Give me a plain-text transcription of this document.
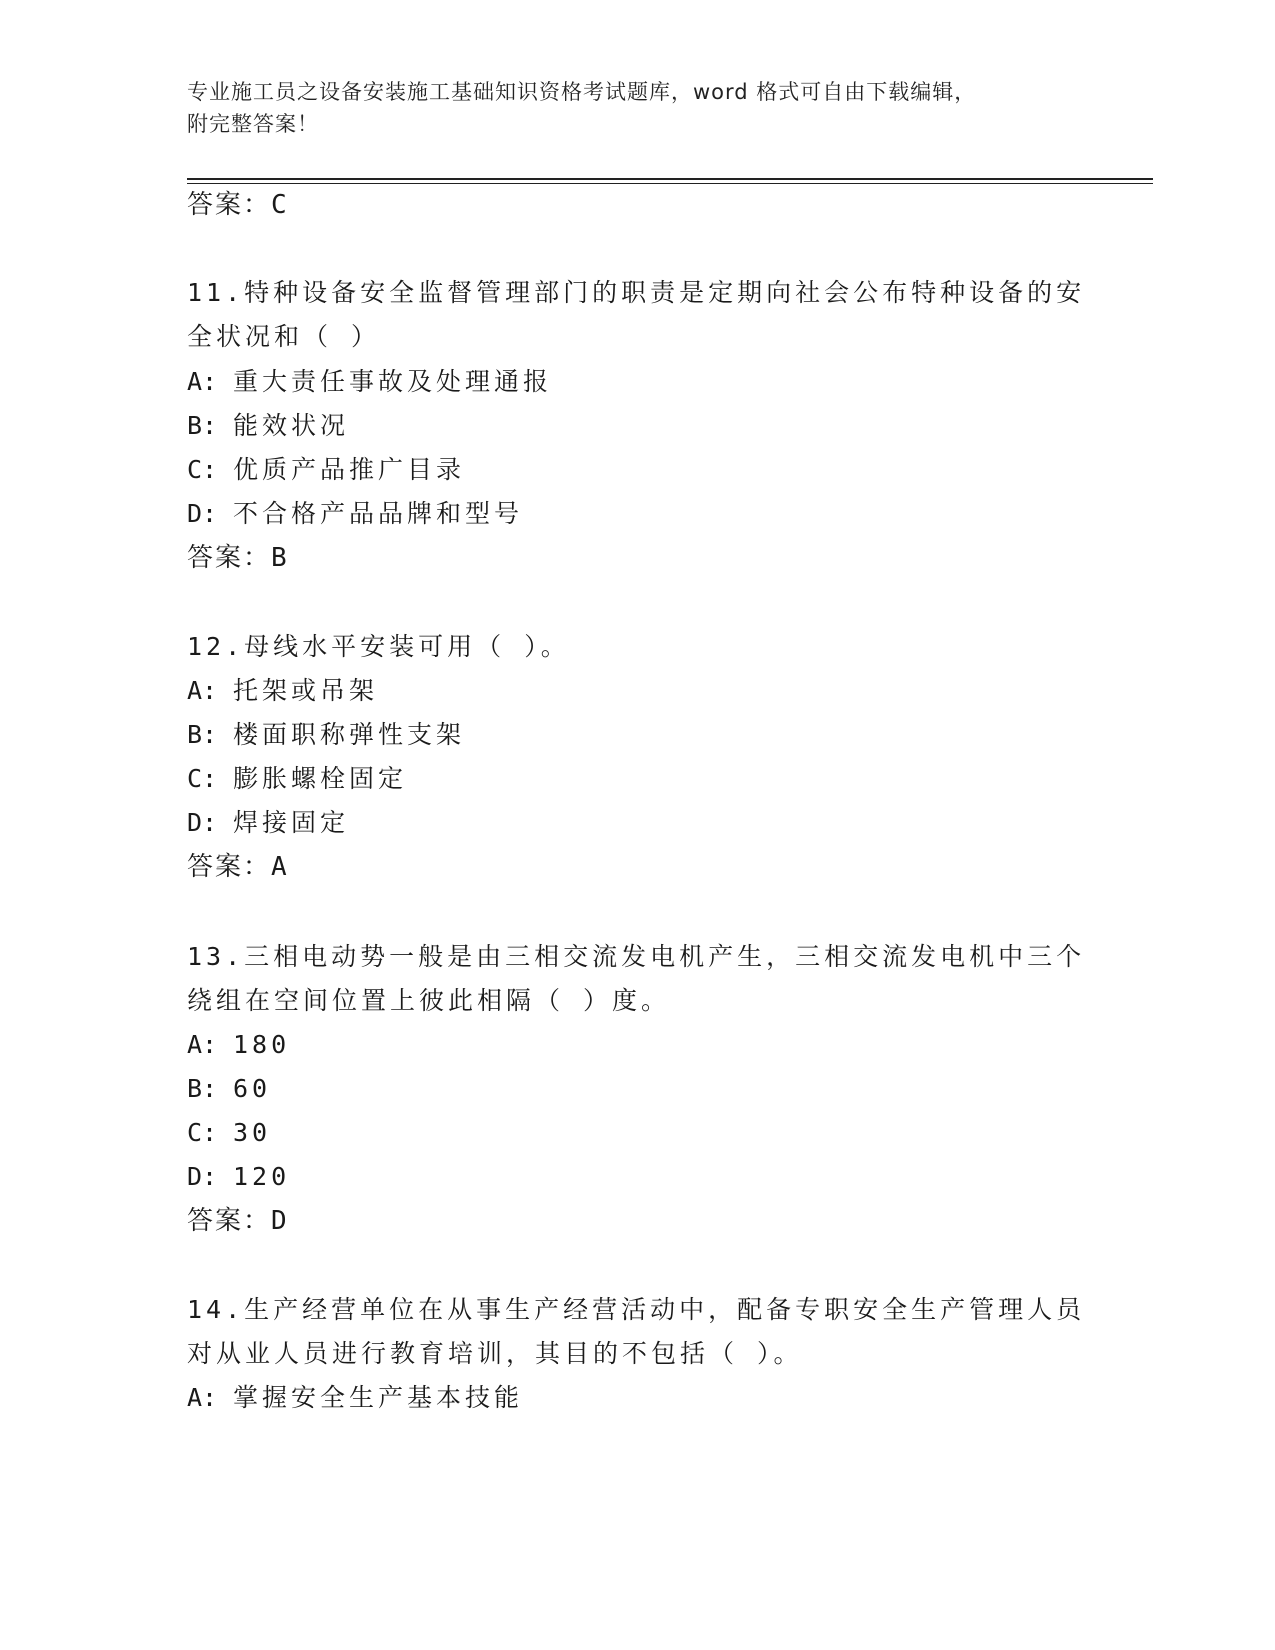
专业施工员之设备安装施工基础知识资格考试题库，word 格式可自由下载编辑，
附完整答案！
答案：C
11.特种设备安全监督管理部门的职责是定期向社会公布特种设备的安
全状况和（ ）
A: 重大责任事故及处理通报
B: 能效状况
C: 优质产品推广目录
D: 不合格产品品牌和型号
答案：B
12.母线水平安装可用（ ）。
A: 托架或吊架
B: 楼面职称弹性支架
C: 膨胀螺栓固定
D: 焊接固定
答案：A
13.三相电动势一般是由三相交流发电机产生，三相交流发电机中三个
绕组在空间位置上彼此相隔（ ）度。
A: 180
B: 60
C: 30
D: 120
答案：D
14.生产经营单位在从事生产经营活动中，配备专职安全生产管理人员
对从业人员进行教育培训，其目的不包括（ ）。
A: 掌握安全生产基本技能
